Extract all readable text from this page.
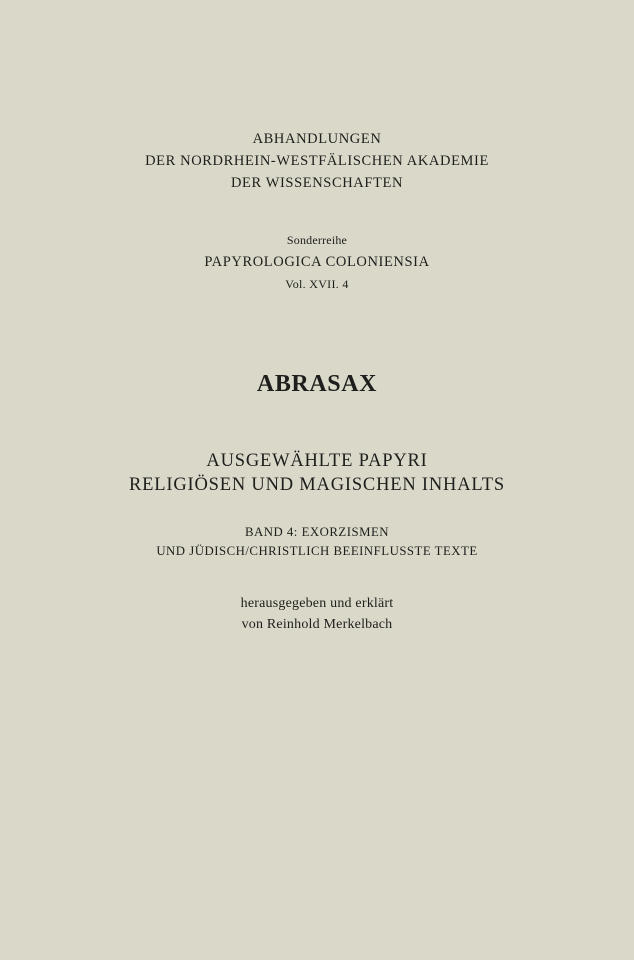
ABHANDLUNGEN
DER NORDRHEIN-WESTFÄLISCHEN AKADEMIE
DER WISSENSCHAFTEN
Sonderreihe
PAPYROLOGICA COLONIENSIA
Vol. XVII. 4
ABRASAX
AUSGEWÄHLTE PAPYRI
RELIGIÖSEN UND MAGISCHEN INHALTS
BAND 4: EXORZISMEN
UND JÜDISCH/CHRISTLICH BEEINFLUSSTE TEXTE
herausgegeben und erklärt
von Reinhold Merkelbach
